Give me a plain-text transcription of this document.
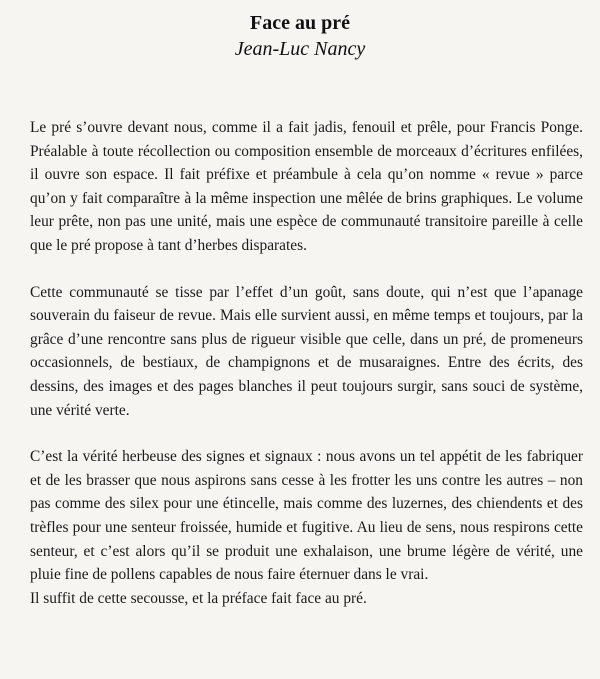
Face au pré
Jean-Luc Nancy

Le pré s’ouvre devant nous, comme il a fait jadis, fenouil et prêle, pour Francis Ponge. Préalable à toute récollection ou composition ensemble de morceaux d’écritures enfilées, il ouvre son espace. Il fait préfixe et préambule à cela qu’on nomme « revue » parce qu’on y fait comparaître à la même inspection une mêlée de brins graphiques. Le volume leur prête, non pas une unité, mais une espèce de communauté transitoire pareille à celle que le pré propose à tant d’herbes disparates.

Cette communauté se tisse par l’effet d’un goût, sans doute, qui n’est que l’apanage souverain du faiseur de revue. Mais elle survient aussi, en même temps et toujours, par la grâce d’une rencontre sans plus de rigueur visible que celle, dans un pré, de promeneurs occasionnels, de bestiaux, de champignons et de musaraignes. Entre des écrits, des dessins, des images et des pages blanches il peut toujours surgir, sans souci de système, une vérité verte.

C’est la vérité herbeuse des signes et signaux : nous avons un tel appétit de les fabriquer et de les brasser que nous aspirons sans cesse à les frotter les uns contre les autres – non pas comme des silex pour une étincelle, mais comme des luzernes, des chiendents et des trèfles pour une senteur froissée, humide et fugitive. Au lieu de sens, nous respirons cette senteur, et c’est alors qu’il se produit une exhalaison, une brume légère de vérité, une pluie fine de pollens capables de nous faire éternuer dans le vrai.

Il suffit de cette secousse, et la préface fait face au pré.
